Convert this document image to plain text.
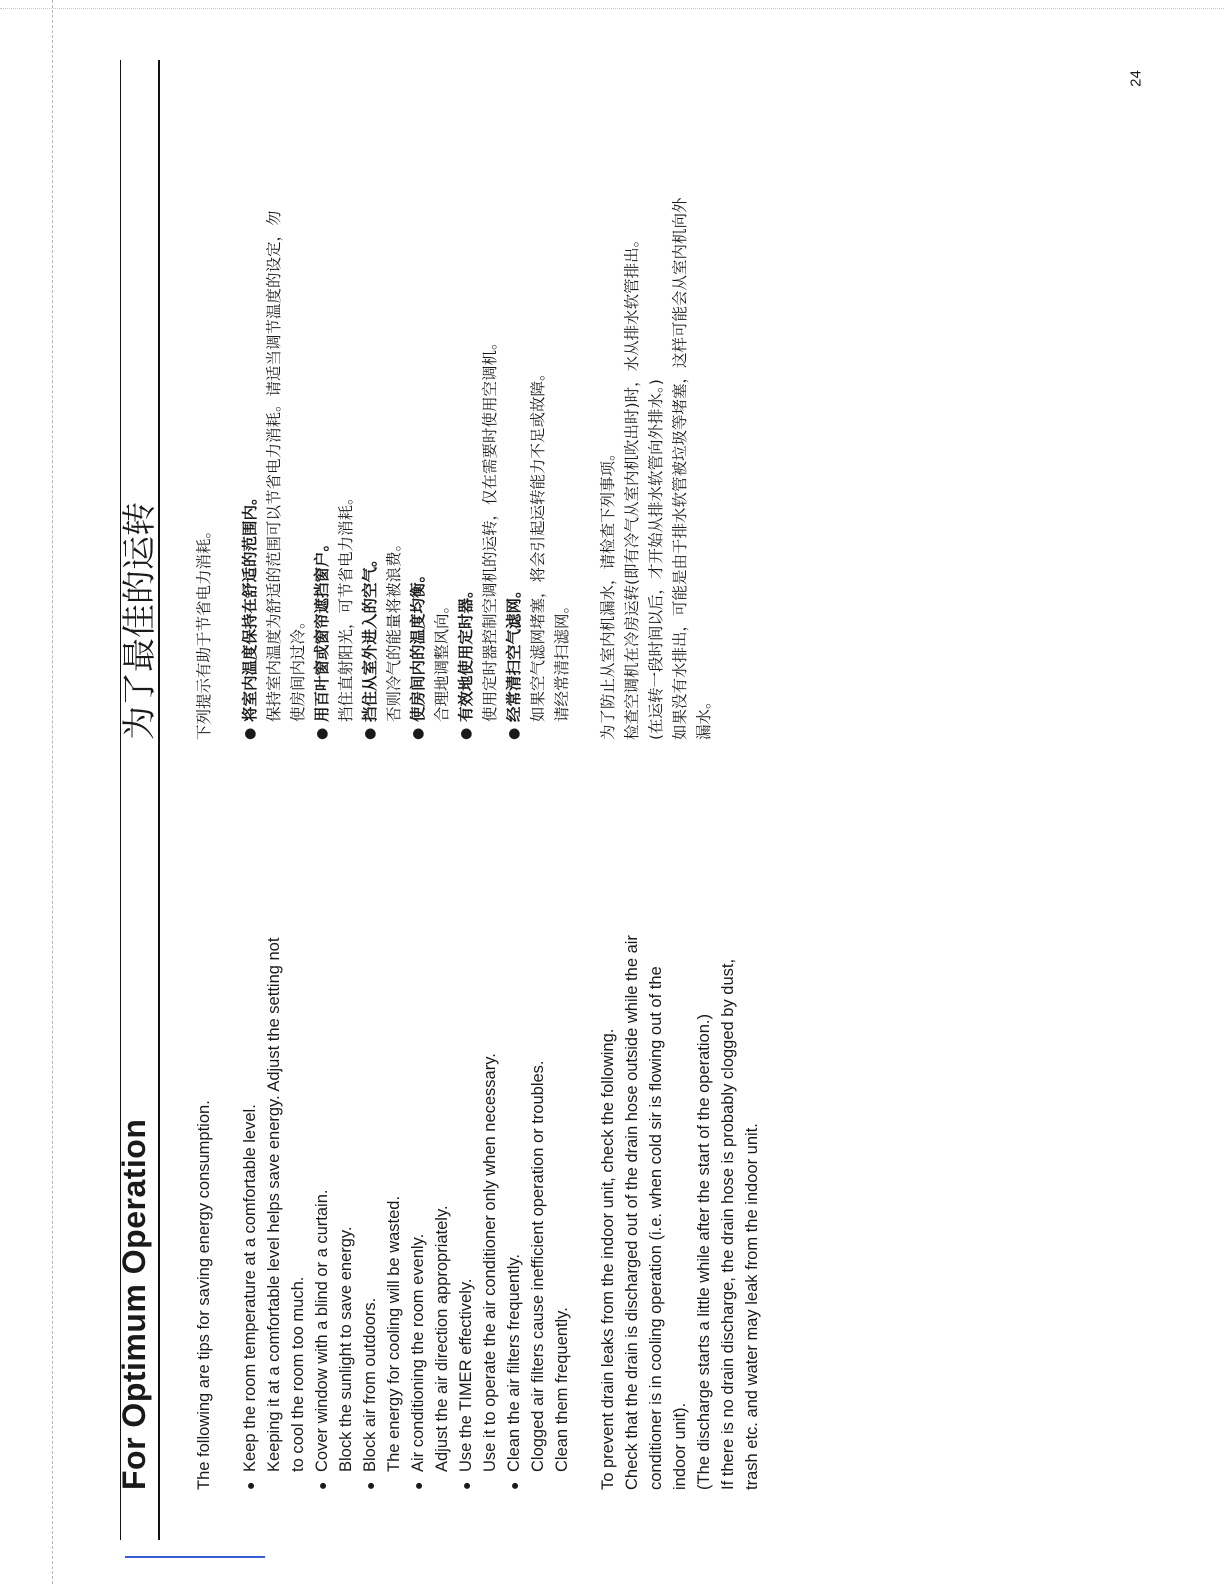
24
For Optimum Operation
为了最佳的运转

The following are tips for saving energy consumption. ●
Keep the room temperature at a comfortable level. Keeping it at a comfortable level helps save energy. Adjust the setting not to cool the room too much.
●
Cover window with a blind or a curtain. Block the sunlight to save energy.
●
Block air from outdoors. The energy for cooling will be wasted.
●
Air conditioning the room evenly. Adjust the air direction appropriately.
●
Use the TIMER effectively. Use it to operate the air conditioner only when necessary.
●
Clean the air filters frequently. Clogged air filters cause inefficient operation or troubles. Clean them frequently. To prevent drain leaks from the indoor unit, check the following. Check that the drain is discharged out of the drain hose outside while the air conditioner is in cooling operation (i.e. when cold sir is flowing out of the indoor unit). (The discharge starts a little while after the start of the operation.) If there is no drain discharge, the drain hose is probably clogged by dust, trash etc. and water may leak from the indoor unit.

下列提示有助于节省电力消耗。 ●
将室内温度保持在舒适的范围内。 保持室内温度为舒适的范围可以节省电力消耗。请适当调节温度的设定，勿 使房间内过冷。
●
用百叶窗或窗帘遮挡窗户。 挡住直射阳光，可节省电力消耗。
●
挡住从室外进入的空气。 否则冷气的能量将被浪费。
●
使房间内的温度均衡。 合理地调整风向。
●
有效地使用定时器。 使用定时器控制空调机的运转，仅在需要时使用空调机。
●
经常清扫空气滤网。 如果空气滤网堵塞，将会引起运转能力不足或故障。 请经常清扫滤网。 为了防止从室内机漏水，请检查下列事项。 检查空调机在冷房运转(即有冷气从室内机吹出时)时，水从排水软管排出。 (在运转一段时间以后，才开始从排水软管向外排水。) 如果没有水排出，可能是由于排水软管被垃圾等堵塞，这样可能会从室内机向外 漏水。
